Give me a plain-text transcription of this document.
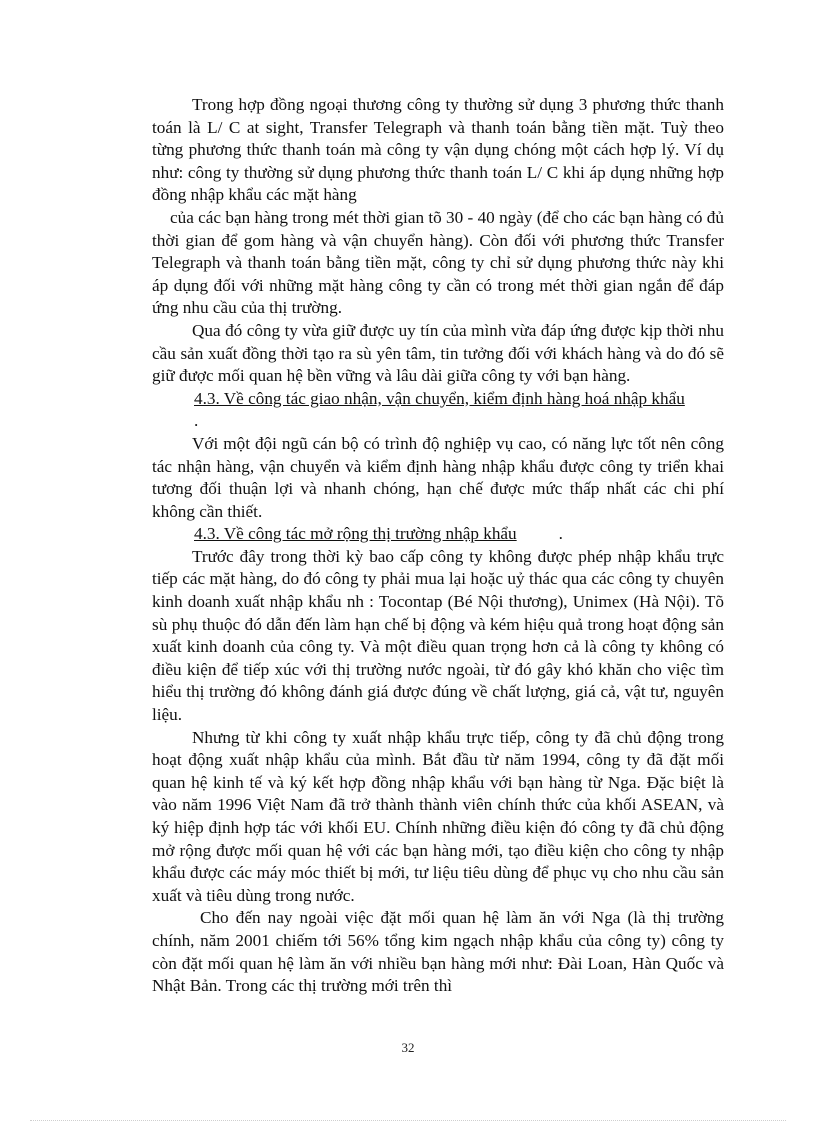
Trong hợp đồng ngoại thương công ty thường sử dụng 3 phương thức thanh toán là L/ C at sight, Transfer Telegraph và thanh toán bằng tiền mặt. Tuỳ theo từng phương thức thanh toán mà công ty vận dụng chóng một cách hợp lý. Ví dụ như: công ty thường sử dụng phương thức thanh toán L/ C khi áp dụng những hợp đồng nhập khẩu các mặt hàng

của các bạn hàng trong mét thời gian tõ 30 - 40 ngày (để cho các bạn hàng có đủ thời gian để gom hàng và vận chuyển hàng). Còn đối với phương thức Transfer Telegraph và thanh toán bằng tiền mặt, công ty chỉ sử dụng phương thức này khi áp dụng đối với những mặt hàng công ty cần có trong mét thời gian ngắn để đáp ứng nhu cầu của thị trường.

Qua đó công ty vừa giữ được uy tín của mình vừa đáp ứng được kịp thời nhu cầu sản xuất đồng thời tạo ra sù yên tâm, tin tưởng đối với khách hàng và do đó sẽ giữ được mối quan hệ bền vững và lâu dài giữa công ty với bạn hàng.

4.3. Về công tác giao nhận, vận chuyển, kiểm định hàng hoá nhập khẩu.

Với một đội ngũ cán bộ có trình độ nghiệp vụ cao, có năng lực tốt nên công tác nhận hàng, vận chuyển và kiểm định hàng nhập khẩu được công ty triển khai tương đối thuận lợi và nhanh chóng, hạn chế được mức thấp nhất các chi phí không cần thiết.

4.3. Về công tác mở rộng thị trường nhập khẩu .

Trước đây trong thời kỳ bao cấp công ty không được phép nhập khẩu trực tiếp các mặt hàng, do đó công ty phải mua lại hoặc uỷ thác qua các công ty chuyên kinh doanh xuất nhập khẩu nh : Tocontap (Bé Nội thương), Unimex (Hà Nội). Tõ sù phụ thuộc đó dẫn đến làm hạn chế bị động và kém hiệu quả trong hoạt động sản xuất kinh doanh của công ty. Và một điều quan trọng hơn cả là công ty không có điều kiện để tiếp xúc với thị trường nước ngoài, từ đó gây khó khăn cho việc tìm hiểu thị trường đó không đánh giá được đúng về chất lượng, giá cả, vật tư, nguyên liệu.

Nhưng từ khi công ty xuất nhập khẩu trực tiếp, công ty đã chủ động trong hoạt động xuất nhập khẩu của mình. Bắt đầu từ năm 1994, công ty đã đặt mối quan hệ kinh tế và ký kết hợp đồng nhập khẩu với bạn hàng từ Nga. Đặc biệt là vào năm 1996 Việt Nam đã trở thành thành viên chính thức của khối ASEAN, và ký hiệp định hợp tác với khối EU. Chính những điều kiện đó công ty đã chủ động mở rộng được mối quan hệ với các bạn hàng mới, tạo điều kiện cho công ty nhập khẩu được các máy móc thiết bị mới, tư liệu tiêu dùng để phục vụ cho nhu cầu sản xuất và tiêu dùng trong nước.

Cho đến nay ngoài việc đặt mối quan hệ làm ăn với Nga (là thị trường chính, năm 2001 chiếm tới 56% tổng kim ngạch nhập khẩu của công ty) công ty còn đặt mối quan hệ làm ăn với nhiều bạn hàng mới như: Đài Loan, Hàn Quốc và Nhật Bản. Trong các thị trường mới trên thì

32
